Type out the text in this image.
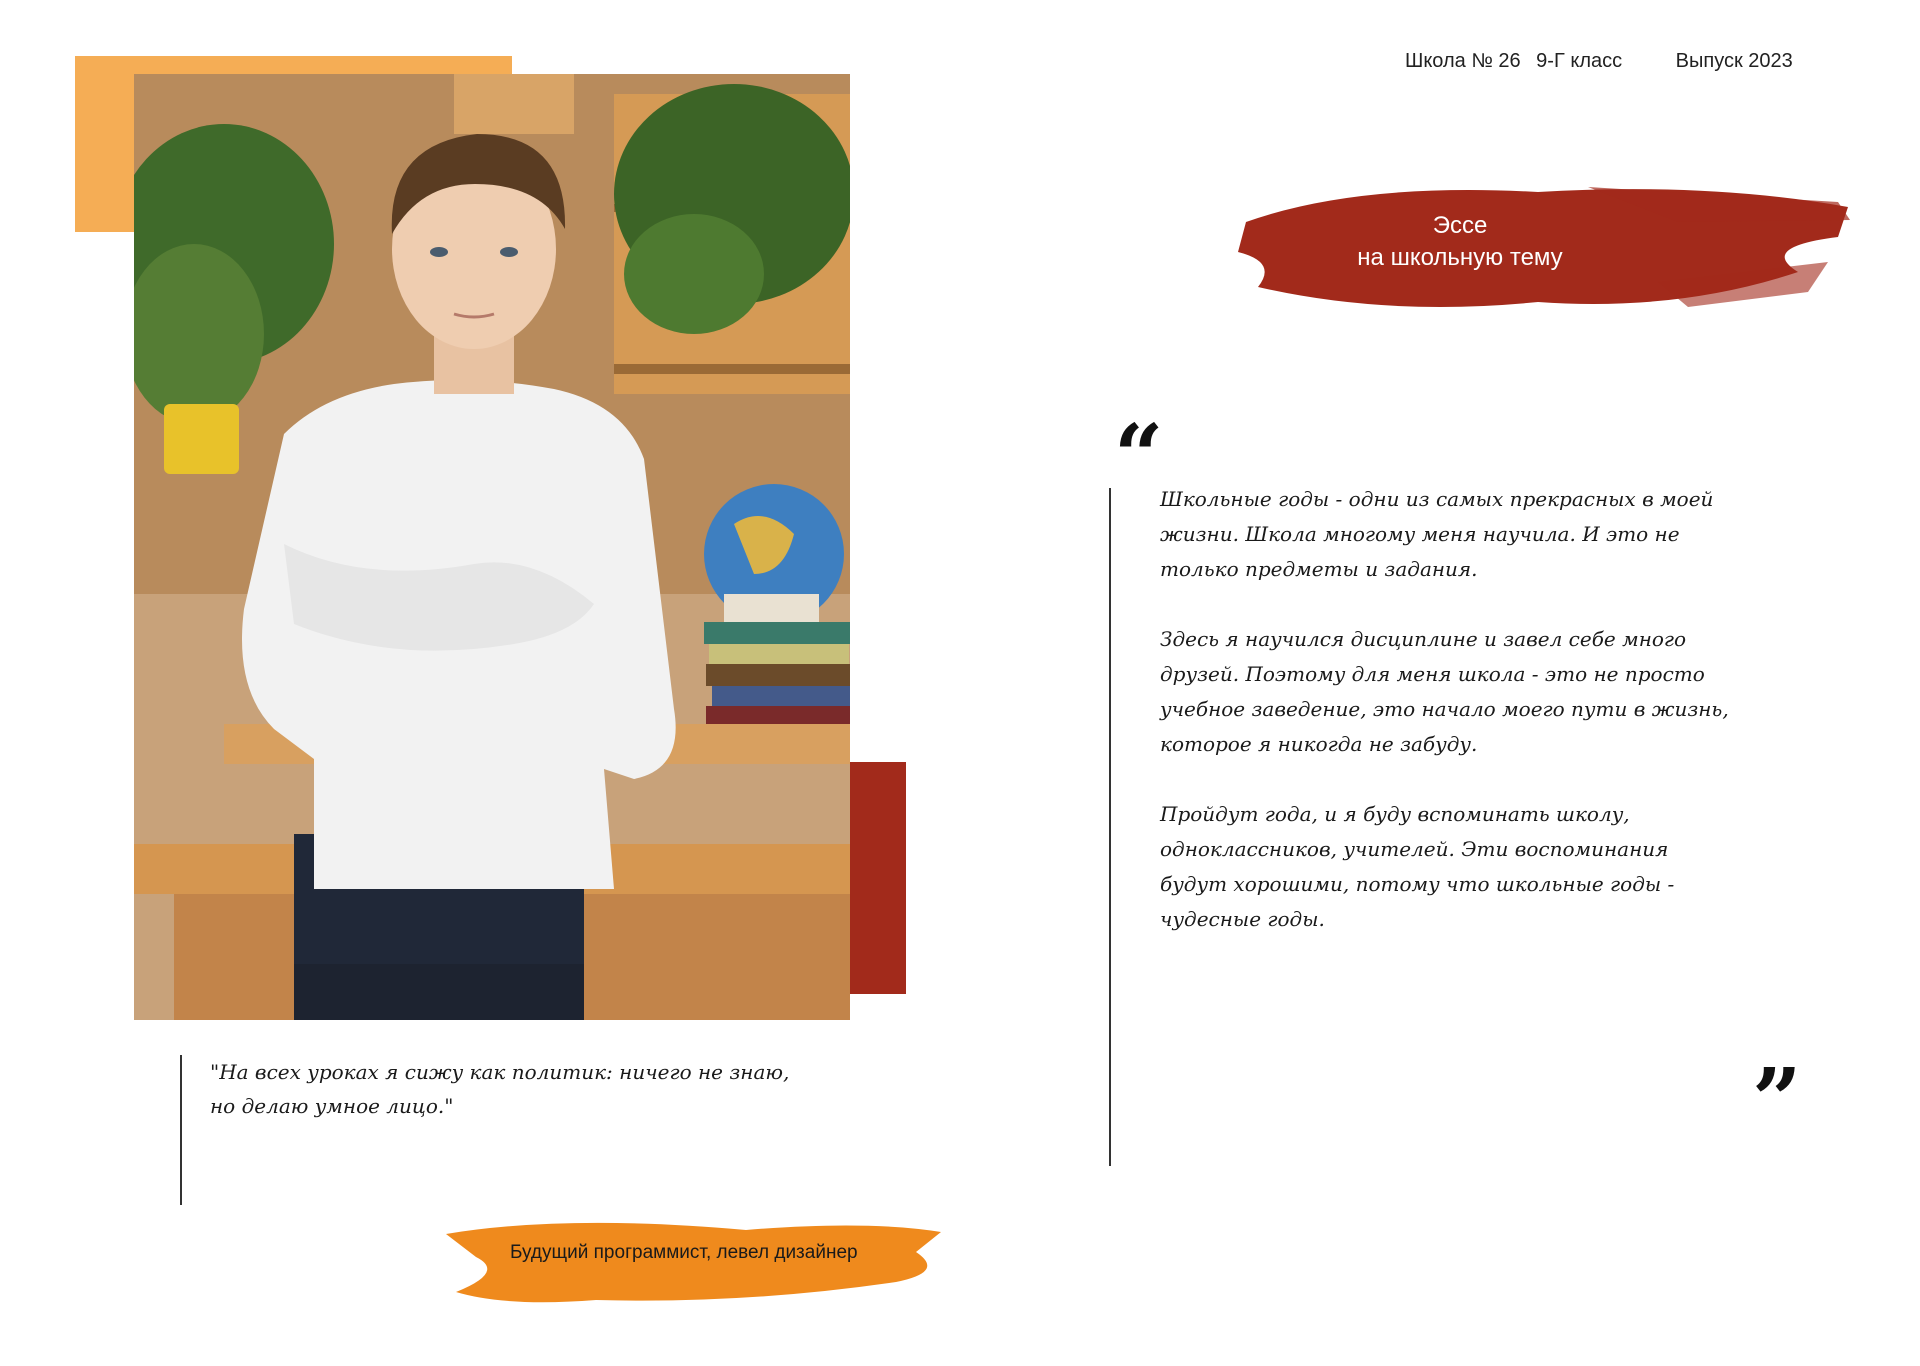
Школа № 26 9-Г класс	Выпуск 2023
Эссе
на школьную тему
“
”

Школьные годы - одни из самых прекрасных в моей жизни. Школа многому меня научила. И это не только предметы и задания.

Здесь я научился дисциплине и завел себе много друзей. Поэтому для меня школа - это не просто учебное заведение, это начало моего пути в жизнь, которое я никогда не забуду.

Пройдут года, и я буду вспоминать школу, одноклассников, учителей. Эти воспоминания будут хорошими, потому что школьные годы - чудесные годы.

"На всех уроках я сижу как политик: ничего не знаю, но делаю умное лицо."
Будущий программист, левел дизайнер
